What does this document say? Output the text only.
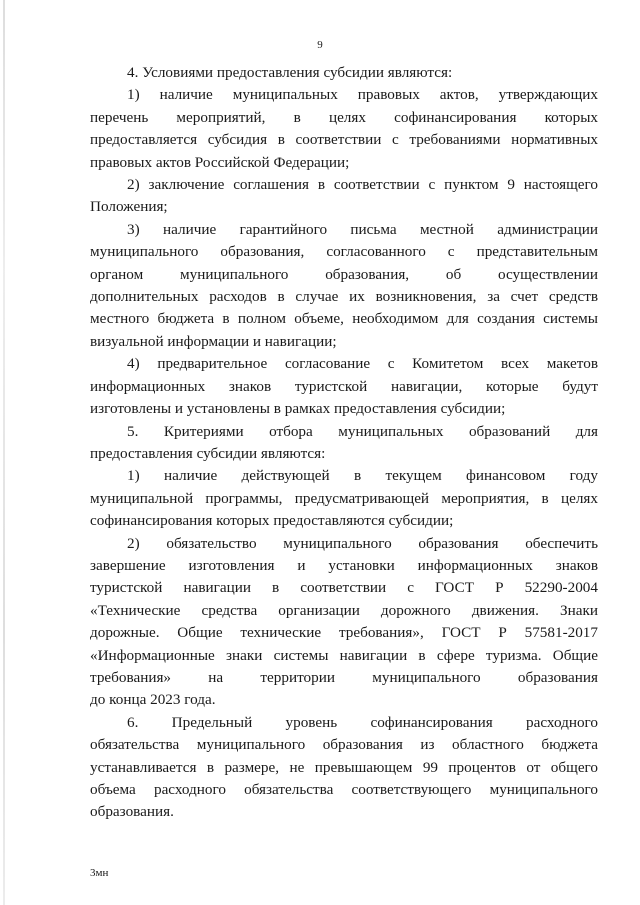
9

4. Условиями предоставления субсидии являются:

1) наличие муниципальных правовых актов, утверждающих
перечень мероприятий, в целях софинансирования которых
предоставляется субсидия в соответствии с требованиями нормативных
правовых актов Российской Федерации;

2) заключение соглашения в соответствии с пунктом 9 настоящего
Положения;

3) наличие гарантийного письма местной администрации
муниципального образования, согласованного с представительным
органом муниципального образования, об осуществлении
дополнительных расходов в случае их возникновения, за счет средств
местного бюджета в полном объеме, необходимом для создания системы
визуальной информации и навигации;

4) предварительное согласование с Комитетом всех макетов
информационных знаков туристской навигации, которые будут
изготовлены и установлены в рамках предоставления субсидии;

5. Критериями отбора муниципальных образований для
предоставления субсидии являются:

1) наличие действующей в текущем финансовом году
муниципальной программы, предусматривающей мероприятия, в целях
софинансирования которых предоставляются субсидии;

2) обязательство муниципального образования обеспечить
завершение изготовления и установки информационных знаков
туристской навигации в соответствии с ГОСТ Р 52290-2004
«Технические средства организации дорожного движения. Знаки
дорожные. Общие технические требования», ГОСТ Р 57581-2017
«Информационные знаки системы навигации в сфере туризма. Общие
требования» на территории муниципального образования
до конца 2023 года.

6. Предельный уровень софинансирования расходного
обязательства муниципального образования из областного бюджета
устанавливается в размере, не превышающем 99 процентов от общего
объема расходного обязательства соответствующего муниципального
образования.

3мн
